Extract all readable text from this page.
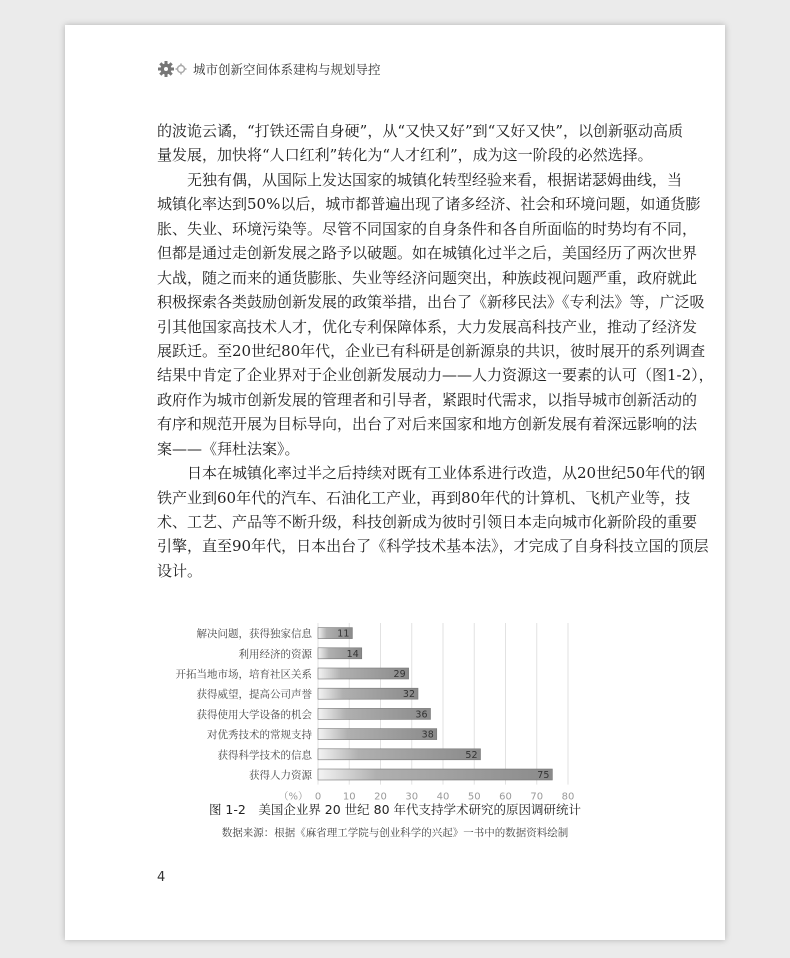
城市创新空间体系建构与规划导控
的波诡云谲，“打铁还需自身硬”，从“又快又好”到“又好又快”，以创新驱动高质
量发展，加快将“人口红利”转化为“人才红利”，成为这一阶段的必然选择。
无独有偶，从国际上发达国家的城镇化转型经验来看，根据诺瑟姆曲线，当
城镇化率达到50%以后，城市都普遍出现了诸多经济、社会和环境问题，如通货膨
胀、失业、环境污染等。尽管不同国家的自身条件和各自所面临的时势均有不同，
但都是通过走创新发展之路予以破题。如在城镇化过半之后，美国经历了两次世界
大战，随之而来的通货膨胀、失业等经济问题突出，种族歧视问题严重，政府就此
积极探索各类鼓励创新发展的政策举措，出台了《新移民法》《专利法》等，广泛吸
引其他国家高技术人才，优化专利保障体系，大力发展高科技产业，推动了经济发
展跃迁。至20世纪80年代，企业已有科研是创新源泉的共识，彼时展开的系列调查
结果中肯定了企业界对于企业创新发展动力——人力资源这一要素的认可（图1-2），
政府作为城市创新发展的管理者和引导者，紧跟时代需求，以指导城市创新活动的
有序和规范开展为目标导向，出台了对后来国家和地方创新发展有着深远影响的法
案——《拜杜法案》。
日本在城镇化率过半之后持续对既有工业体系进行改造，从20世纪50年代的钢
铁产业到60年代的汽车、石油化工产业，再到80年代的计算机、飞机产业等，技
术、工艺、产品等不断升级，科技创新成为彼时引领日本走向城市化新阶段的重要
引擎，直至90年代，日本出台了《科学技术基本法》，才完成了自身科技立国的顶层
设计。
0 10 20 30 40 50 60 70 80
（%）
解决问题，获得独家信息	11
利用经济的资源	14
开拓当地市场，培育社区关系	29
获得威望，提高公司声誉	32
获得使用大学设备的机会	36
对优秀技术的常规支持	38
获得科学技术的信息	52
获得人力资源	75
图 1-2　美国企业界 20 世纪 80 年代支持学术研究的原因调研统计
数据来源：根据《麻省理工学院与创业科学的兴起》一书中的数据资料绘制
4
